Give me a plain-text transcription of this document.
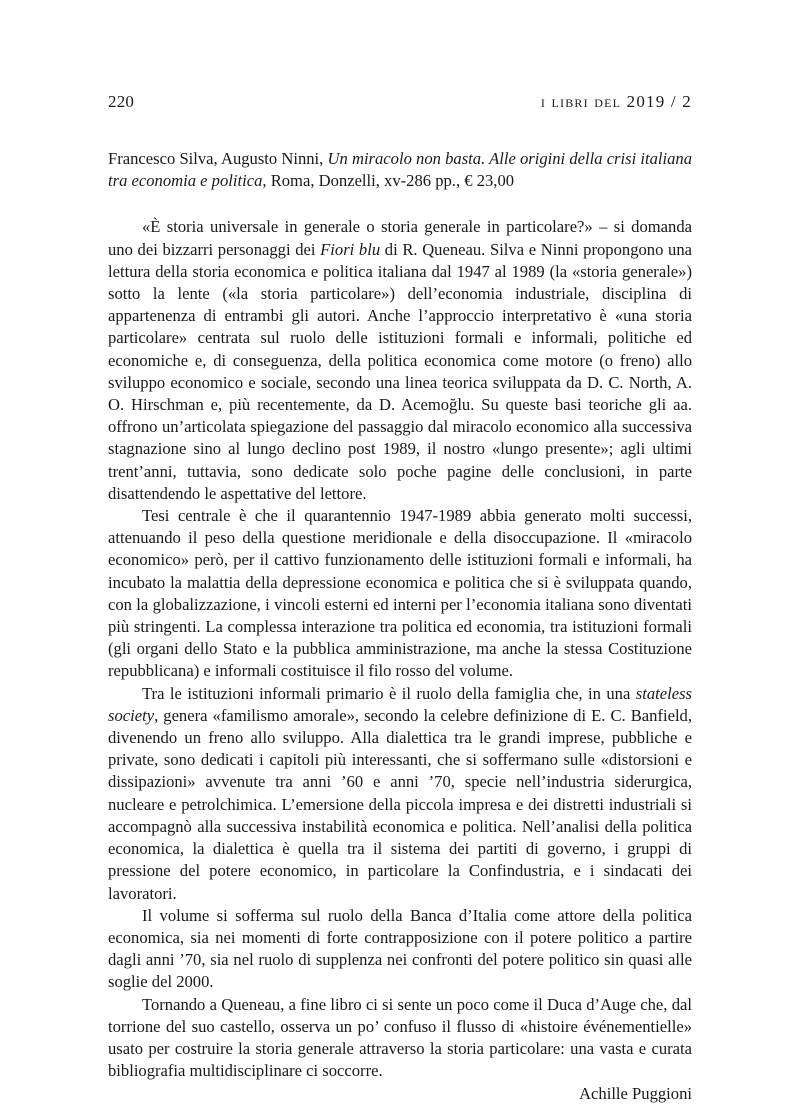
220	i libri del 2019 / 2
Francesco Silva, Augusto Ninni, Un miracolo non basta. Alle origini della crisi italiana tra economia e politica, Roma, Donzelli, xv-286 pp., € 23,00

«È storia universale in generale o storia generale in particolare?» – si domanda uno dei bizzarri personaggi dei Fiori blu di R. Queneau. Silva e Ninni propongono una lettura della storia economica e politica italiana dal 1947 al 1989 (la «storia generale») sotto la lente («la storia particolare») dell’economia industriale, disciplina di appartenenza di entrambi gli autori. Anche l’approccio interpretativo è «una storia particolare» centrata sul ruolo delle istituzioni formali e informali, politiche ed economiche e, di conseguenza, della politica economica come motore (o freno) allo sviluppo economico e sociale, secondo una linea teorica sviluppata da D. C. North, A. O. Hirschman e, più recentemente, da D. Acemoğlu. Su queste basi teoriche gli aa. offrono un’articolata spiegazione del passaggio dal miracolo economico alla successiva stagnazione sino al lungo declino post 1989, il nostro «lungo presente»; agli ultimi trent’anni, tuttavia, sono dedicate solo poche pagine delle conclusioni, in parte disattendendo le aspettative del lettore.

Tesi centrale è che il quarantennio 1947-1989 abbia generato molti successi, attenuando il peso della questione meridionale e della disoccupazione. Il «miracolo economico» però, per il cattivo funzionamento delle istituzioni formali e informali, ha incubato la malattia della depressione economica e politica che si è sviluppata quando, con la globalizzazione, i vincoli esterni ed interni per l’economia italiana sono diventati più stringenti. La complessa interazione tra politica ed economia, tra istituzioni formali (gli organi dello Stato e la pubblica amministrazione, ma anche la stessa Costituzione repubblicana) e informali costituisce il filo rosso del volume.

Tra le istituzioni informali primario è il ruolo della famiglia che, in una stateless society, genera «familismo amorale», secondo la celebre definizione di E. C. Banfield, divenendo un freno allo sviluppo. Alla dialettica tra le grandi imprese, pubbliche e private, sono dedicati i capitoli più interessanti, che si soffermano sulle «distorsioni e dissipazioni» avvenute tra anni ’60 e anni ’70, specie nell’industria siderurgica, nucleare e petrolchimica. L’emersione della piccola impresa e dei distretti industriali si accompagnò alla successiva instabilità economica e politica. Nell’analisi della politica economica, la dialettica è quella tra il sistema dei partiti di governo, i gruppi di pressione del potere economico, in particolare la Confindustria, e i sindacati dei lavoratori.

Il volume si sofferma sul ruolo della Banca d’Italia come attore della politica economica, sia nei momenti di forte contrapposizione con il potere politico a partire dagli anni ’70, sia nel ruolo di supplenza nei confronti del potere politico sin quasi alle soglie del 2000.

Tornando a Queneau, a fine libro ci si sente un poco come il Duca d’Auge che, dal torrione del suo castello, osserva un po’ confuso il flusso di «histoire événementielle» usato per costruire la storia generale attraverso la storia particolare: una vasta e curata bibliografia multidisciplinare ci soccorre.

Achille Puggioni
